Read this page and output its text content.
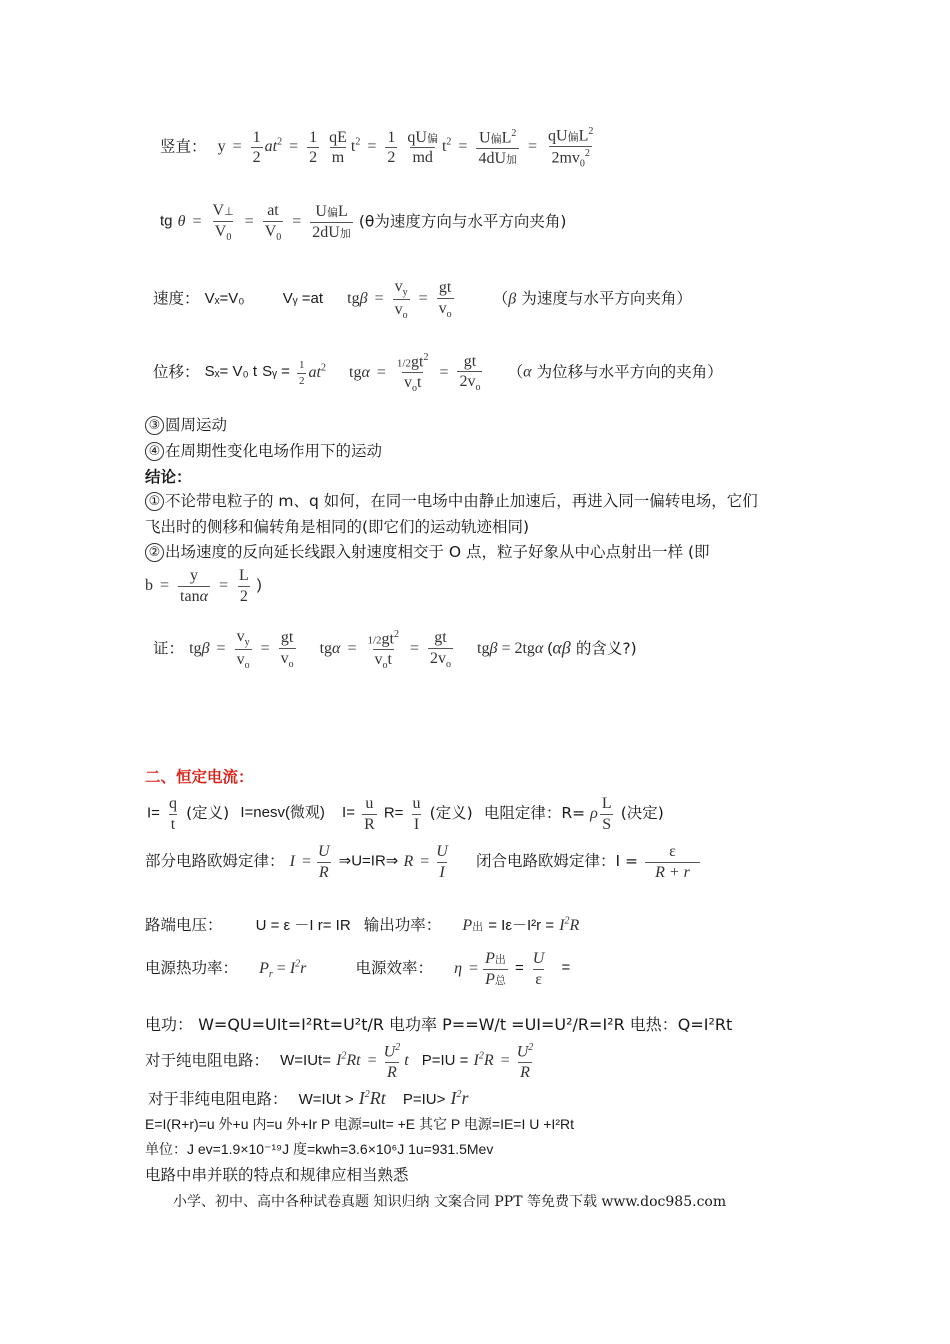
竖直： $y = \frac{1}{2} at^2 = \frac{1}{2}$
$\frac{qE}{m} t^2 = \frac{1}{2}$
$\frac{\text{qU偏}}{md} t^2 = \frac{U偏L^2}{\text{4dU加}} = \frac{qU偏L^2}{2mv_0^2}$
tg $\theta = \frac{V\perp}{V_0} = \frac{at}{V_0} = \frac{\text{U偏L}}{\text{2dU加}} (\theta$为速度方向与水平方向夹角)
速度： Vₓ=V₀	Vᵧ =at  $tg\beta = \frac{v_y}{v_o} = \frac{gt}{v_o}$	（β 为速度与水平方向夹角）
位移： Sₓ= V₀ t Sᵧ = $\frac{1}{2} at^2$  $tg\alpha = \frac{1/2gt^2}{v_ot} = \frac{gt}{2v_o} (\alpha$ 为位移与水平方向的夹角）
③ 圆周运动
④ 在周期性变化电场作用下的运动
结论：
① 不论带电粒子的 m、q 如何，在同一电场中由静止加速后，再进入同一偏转电场，它们
飞出时的侧移和偏转角是相同的(即它们的运动轨迹相同)
② 出场速度的反向延长线跟入射速度相交于 O 点，粒子好象从中心点射出一样 (即
$b = \frac{y}{\tan\alpha} = \frac{L}{2}$ )
证： $tg\beta = \frac{v_y}{v_o} = \frac{gt}{v_o}$ $tg\alpha = \frac{1/2gt^2}{v_ot} = \frac{gt}{2v_o}$ tgβ = 2tgα (αβ 的含义?)
二、恒定电流：
$I= \frac{q}{t}$ (定义) I=nesv(微观) $I= \frac{u}{R} R= \frac{u}{I}$ (定义) 电阻定律：R= ρ $\frac{L}{S}$ (决定)
部分电路欧姆定律： $I = \frac{U}{R}$ ⇒U=IR⇒ $R = \frac{U}{I}$ 闭合电路欧姆定律：$I = \frac{\varepsilon}{R + r}$
路端电压： U = ε －I r= IR 输出功率： P出 = $I\varepsilon-I^2r = I^2R$
电源热功率： $P_r = I^2r$	电源效率： $\eta = \frac{\text{P出}}{\text{P总}} = \frac{U}{\varepsilon}$ =
电功： W=QU=UIt=I²Rt=U²t/R 电功率 P==W/t =UI=U²/R=I²R 电热：Q=I²Rt
对于纯电阻电路： $W=IUt= I^2Rt = \frac{U^2}{R}$ t $P=IU = I^2R = \frac{U^2}{R}$
对于非纯电阻电路： $W=IUt > I^2Rt$ $P=IU> I^2r$
E=I(R+r)=u 外+u 内=u 外+Ir P 电源=uIt= +E 其它 P 电源=IE=I U +I²Rt
单位：J ev=1.9×10⁻¹⁹J 度=kwh=3.6×10⁶J 1u=931.5Mev
电路中串并联的特点和规律应相当熟悉
小学、初中、高中各种试卷真题 知识归纳 文案合同 PPT 等免费下载 www.doc985.com
